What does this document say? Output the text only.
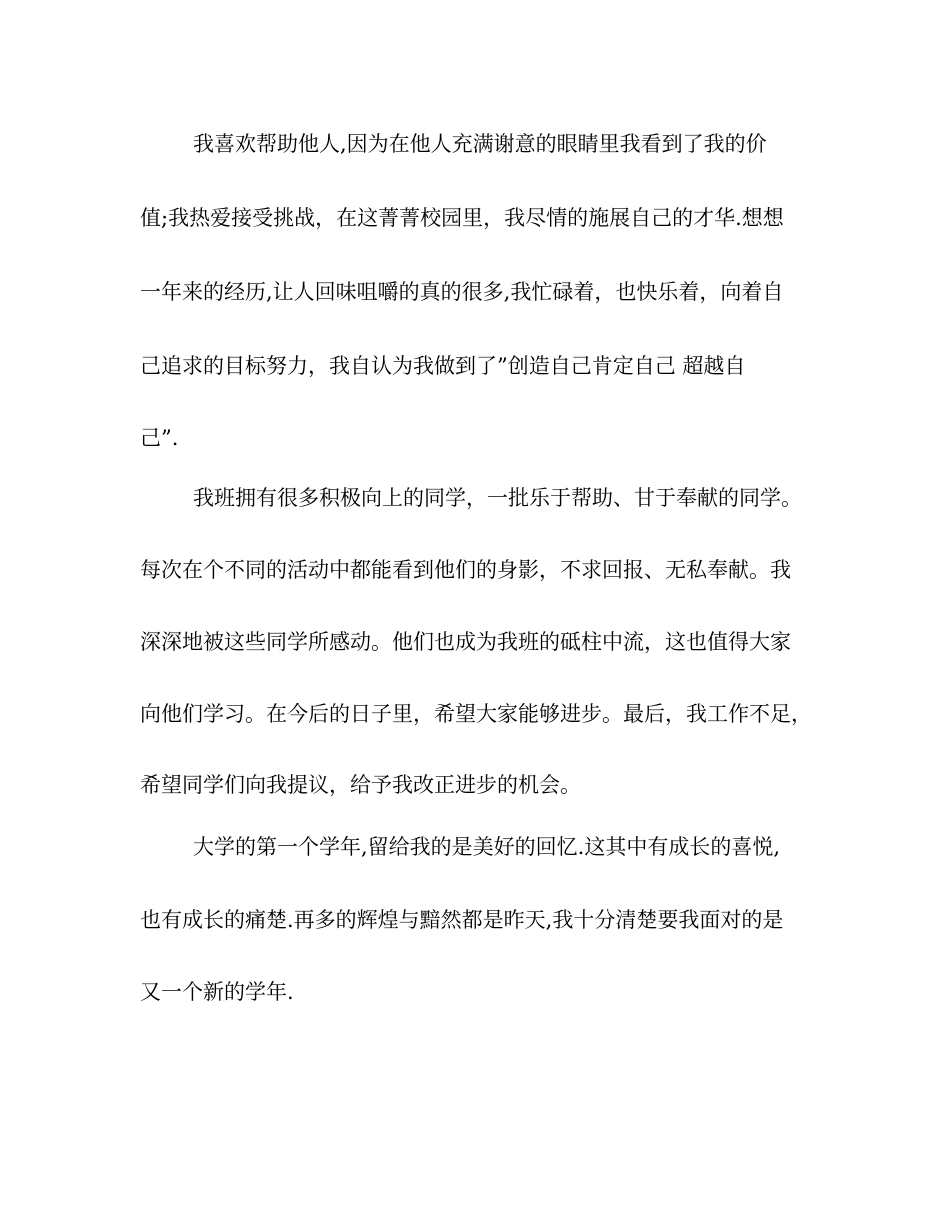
我喜欢帮助他人,因为在他人充满谢意的眼睛里我看到了我的价
值;我热爱接受挑战，在这菁菁校园里，我尽情的施展自己的才华.想想
一年来的经历,让人回味咀嚼的真的很多,我忙碌着，也快乐着，向着自
己追求的目标努力，我自认为我做到了”创造自己肯定自己 超越自
己”.
我班拥有很多积极向上的同学，一批乐于帮助、甘于奉献的同学。
每次在个不同的活动中都能看到他们的身影，不求回报、无私奉献。我
深深地被这些同学所感动。他们也成为我班的砥柱中流，这也值得大家
向他们学习。在今后的日子里，希望大家能够进步。最后，我工作不足，
希望同学们向我提议，给予我改正进步的机会。
大学的第一个学年,留给我的是美好的回忆.这其中有成长的喜悦,
也有成长的痛楚.再多的辉煌与黯然都是昨天,我十分清楚要我面对的是
又一个新的学年.
